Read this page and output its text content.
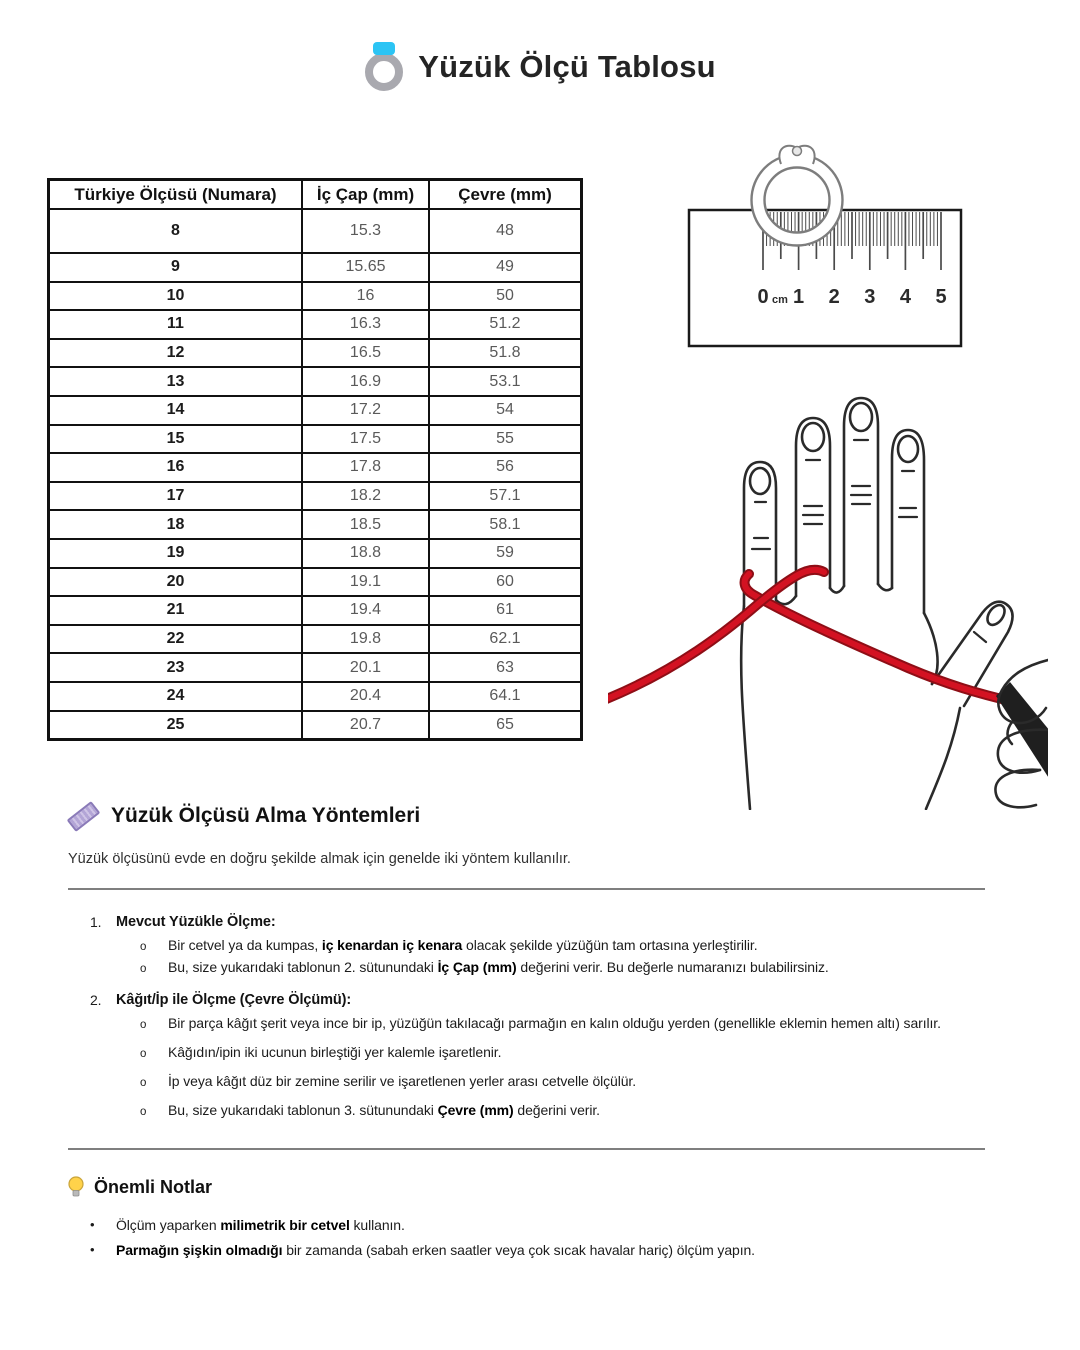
Yüzük Ölçü Tablosu
Türkiye Ölçüsü (Numara)	İç Çap (mm)	Çevre (mm)
8	15.3	48
9	15.65	49
10	16	50
11	16.3	51.2
12	16.5	51.8
13	16.9	53.1
14	17.2	54
15	17.5	55
16	17.8	56
17	18.2	57.1
18	18.5	58.1
19	18.8	59
20	19.1	60
21	19.4	61
22	19.8	62.1
23	20.1	63
24	20.4	64.1
25	20.7	65
0 cm 1 2 3 4 5
Yüzük Ölçüsü Alma Yöntemleri
Yüzük ölçüsünü evde en doğru şekilde almak için genelde iki yöntem kullanılır.
1.	Mevcut Yüzükle Ölçme:
o	Bir cetvel ya da kumpas, iç kenardan iç kenara olacak şekilde yüzüğün tam ortasına yerleştirilir.
o	Bu, size yukarıdaki tablonun 2. sütunundaki İç Çap (mm) değerini verir. Bu değerle numaranızı bulabilirsiniz.
2.	Kâğıt/İp ile Ölçme (Çevre Ölçümü):
o	Bir parça kâğıt şerit veya ince bir ip, yüzüğün takılacağı parmağın en kalın olduğu yerden (genellikle eklemin hemen altı) sarılır.
o	Kâğıdın/ipin iki ucunun birleştiği yer kalemle işaretlenir.
o	İp veya kâğıt düz bir zemine serilir ve işaretlenen yerler arası cetvelle ölçülür.
o	Bu, size yukarıdaki tablonun 3. sütunundaki Çevre (mm) değerini verir.
Önemli Notlar
•	Ölçüm yaparken milimetrik bir cetvel kullanın.
•	Parmağın şişkin olmadığı bir zamanda (sabah erken saatler veya çok sıcak havalar hariç) ölçüm yapın.
